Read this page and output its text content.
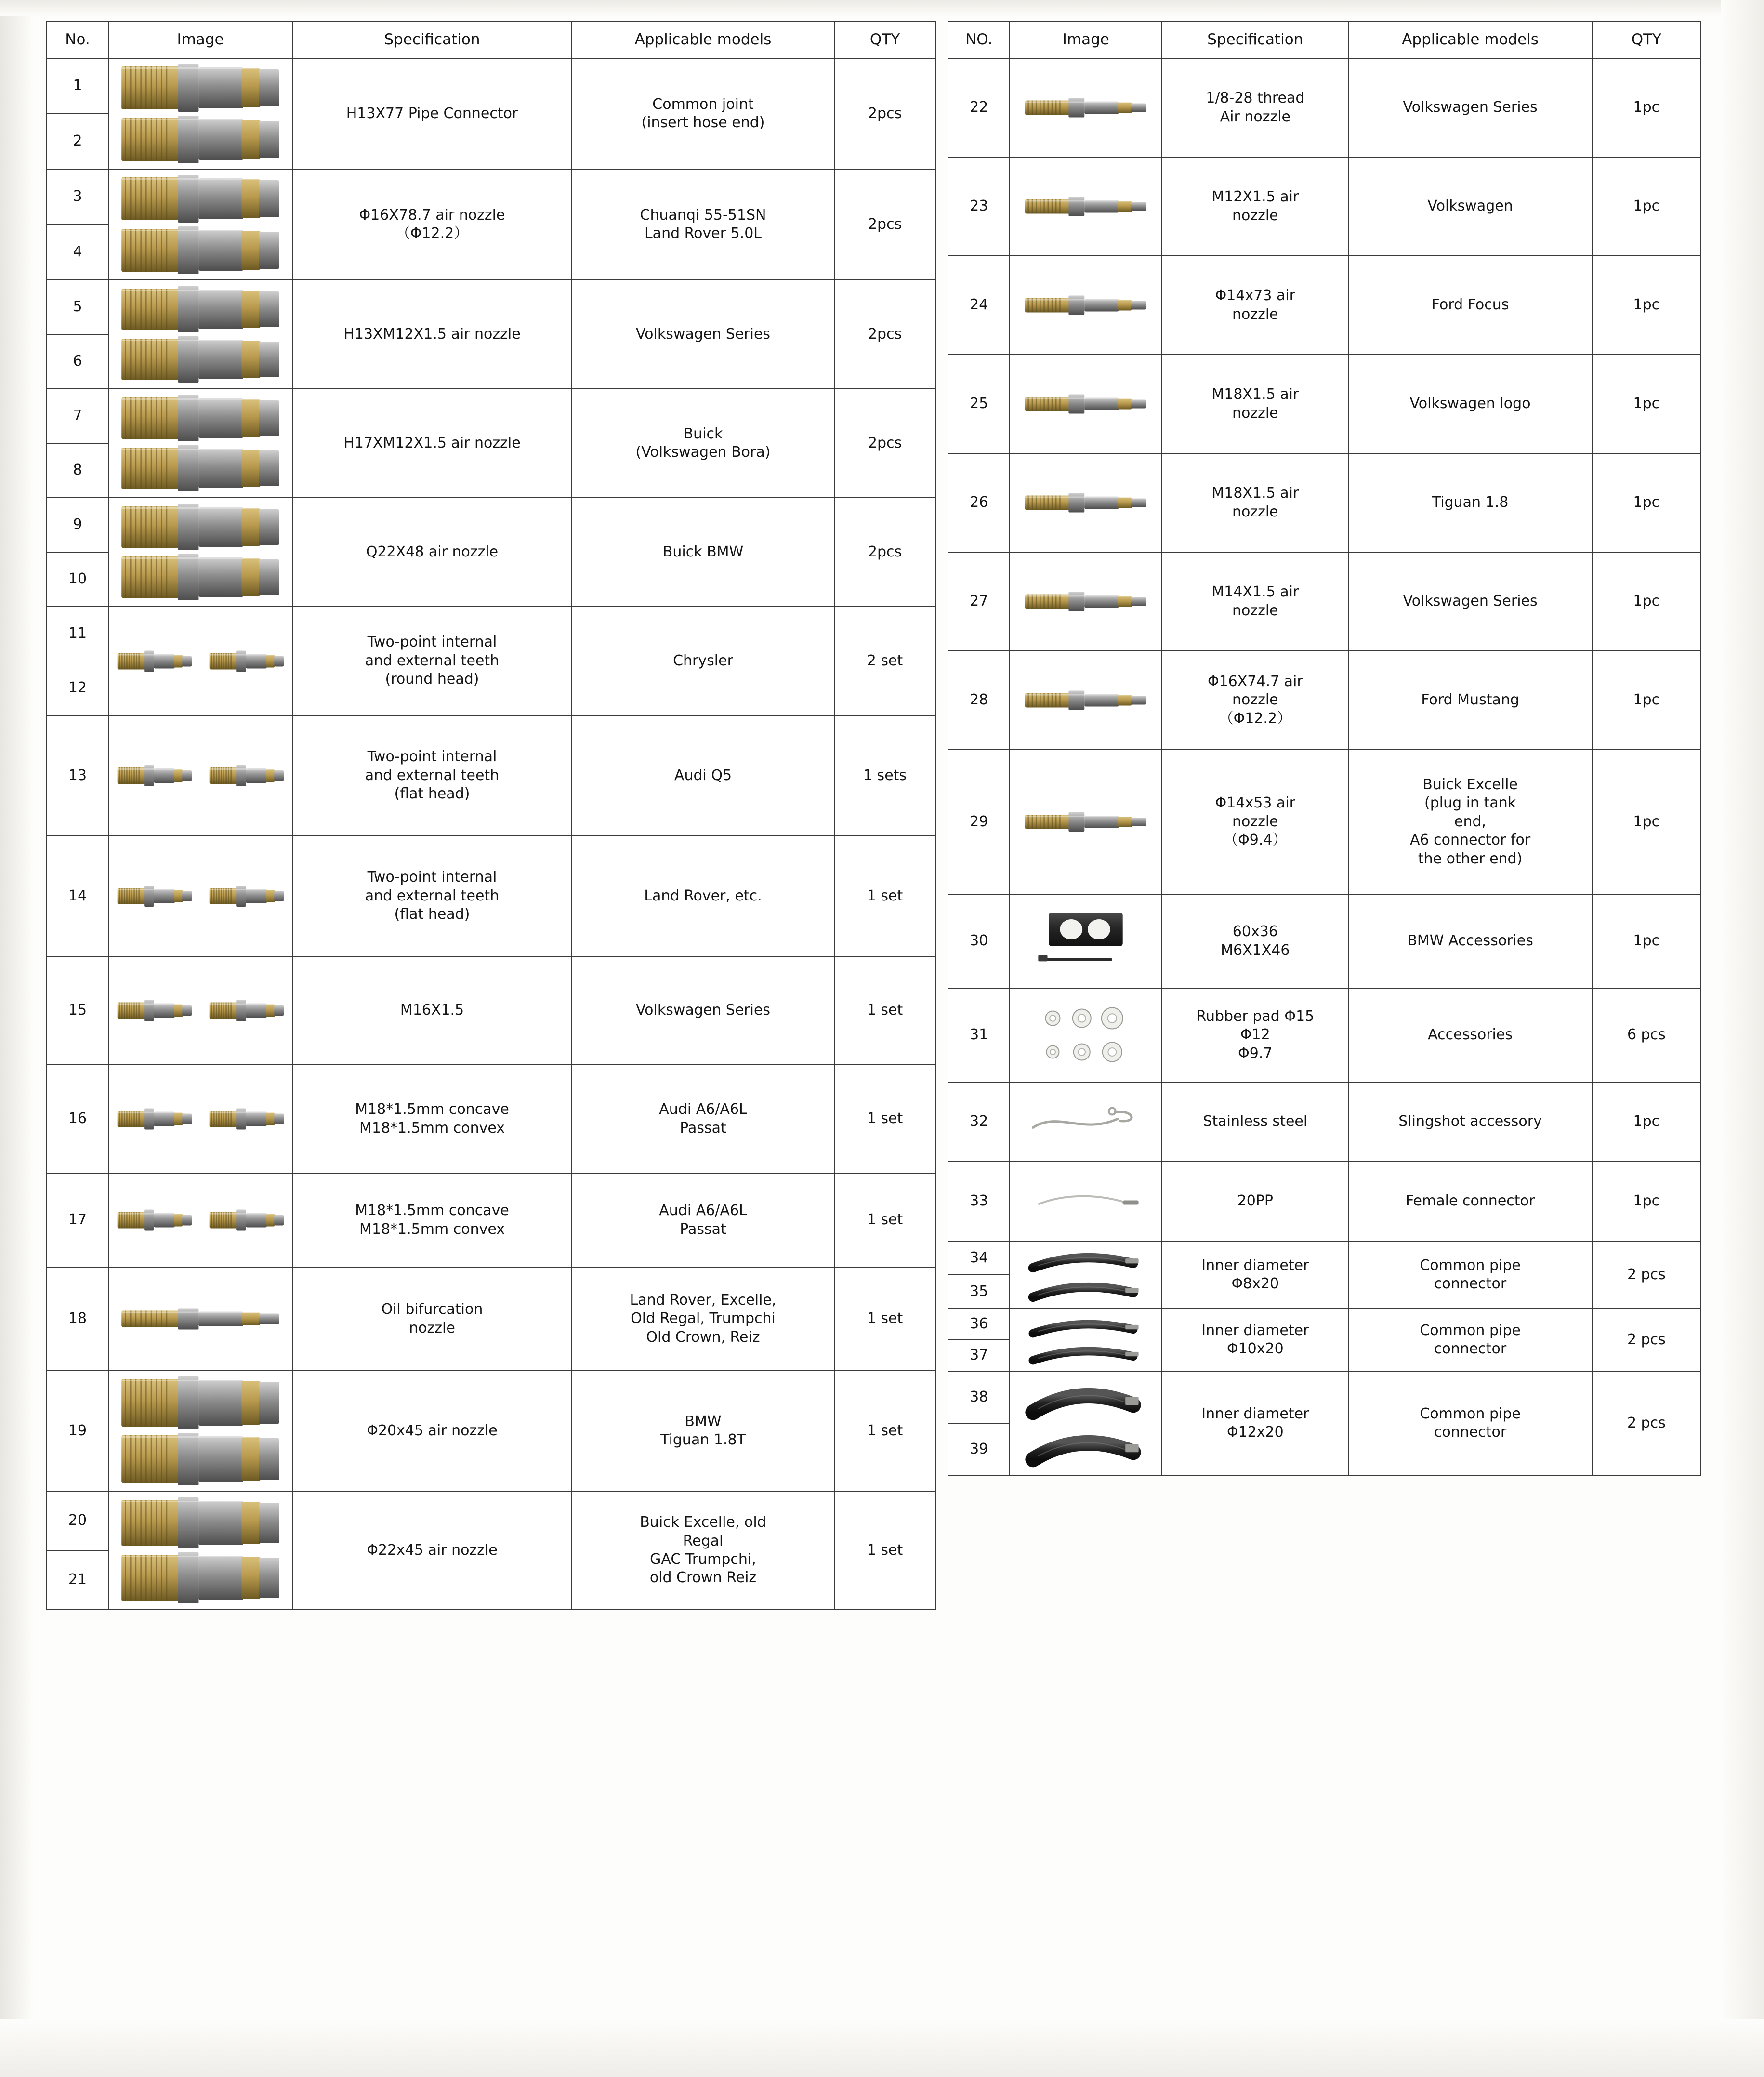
No.	Image	Specification	Applicable models	QTY
1		H13X77 Pipe Connector	Common joint
(insert hose end)	2pcs
2				
3		Φ16X78.7 air nozzle
（Φ12.2）	Chuanqi 55-51SN
Land Rover 5.0L	2pcs
4				
5		H13XM12X1.5 air nozzle	Volkswagen Series	2pcs
6				
7		H17XM12X1.5 air nozzle	Buick
(Volkswagen Bora)	2pcs
8				
9		Q22X48 air nozzle	Buick BMW	2pcs
10				
11		Two-point internal
and external teeth
(round head)	Chrysler	2 set
12				
13		Two-point internal
and external teeth
(flat head)	Audi Q5	1 sets
14		Two-point internal
and external teeth
(flat head)	Land Rover, etc.	1 set
15		M16X1.5	Volkswagen Series	1 set
16		M18*1.5mm concave
M18*1.5mm convex	Audi A6/A6L
Passat	1 set
17		M18*1.5mm concave
M18*1.5mm convex	Audi A6/A6L
Passat	1 set
18		Oil bifurcation
nozzle	Land Rover, Excelle,
Old Regal, Trumpchi
Old Crown, Reiz	1 set
19		Φ20x45 air nozzle	BMW
Tiguan 1.8T	1 set
20		Φ22x45 air nozzle	Buick Excelle, old
Regal
GAC Trumpchi,
old Crown Reiz	1 set
21				
NO.	Image	Specification	Applicable models	QTY
22		1/8-28 thread
Air nozzle	Volkswagen Series	1pc
23		M12X1.5 air
nozzle	Volkswagen	1pc
24		Φ14x73 air
nozzle	Ford Focus	1pc
25		M18X1.5 air
nozzle	Volkswagen logo	1pc
26		M18X1.5 air
nozzle	Tiguan 1.8	1pc
27		M14X1.5 air
nozzle	Volkswagen Series	1pc
28		Φ16X74.7 air
nozzle
（Φ12.2）	Ford Mustang	1pc
29		Φ14x53 air
nozzle
（Φ9.4）	Buick Excelle
(plug in tank
end,
A6 connector for
the other end)	1pc
30		60x36
M6X1X46	BMW Accessories	1pc
31		Rubber pad Φ15
Φ12
Φ9.7	Accessories	6 pcs
32		Stainless steel	Slingshot accessory	1pc
33		20PP	Female connector	1pc
34		Inner diameter
Φ8x20	Common pipe
connector	2 pcs
35				
36		Inner diameter
Φ10x20	Common pipe
connector	2 pcs
37				
38		Inner diameter
Φ12x20	Common pipe
connector	2 pcs
39				
